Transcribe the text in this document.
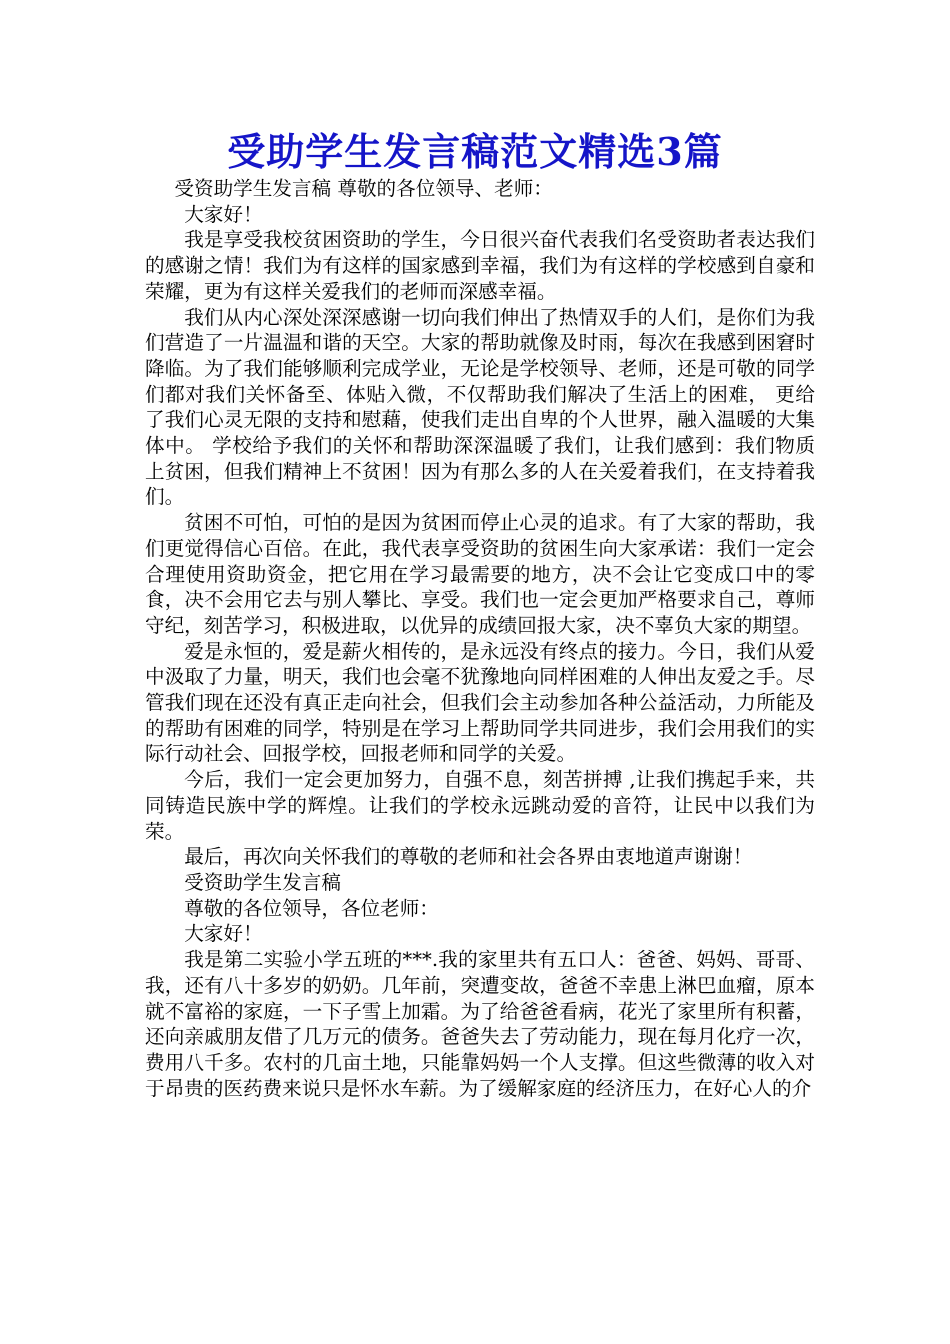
受助学生发言稿范文精选3篇

受资助学生发言稿 尊敬的各位领导、老师：

大家好！

我是享受我校贫困资助的学生，今日很兴奋代表我们名受资助者表达我们的感谢之情！我们为有这样的国家感到幸福，我们为有这样的学校感到自豪和荣耀，更为有这样关爱我们的老师而深感幸福。

我们从内心深处深深感谢一切向我们伸出了热情双手的人们，是你们为我们营造了一片温温和谐的天空。大家的帮助就像及时雨，每次在我感到困窘时降临。为了我们能够顺利完成学业，无论是学校领导、老师，还是可敬的同学们都对我们关怀备至、体贴入微，不仅帮助我们解决了生活上的困难， 更给了我们心灵无限的支持和慰藉，使我们走出自卑的个人世界，融入温暖的大集体中。 学校给予我们的关怀和帮助深深温暖了我们，让我们感到：我们物质上贫困，但我们精神上不贫困！因为有那么多的人在关爱着我们，在支持着我们。

贫困不可怕，可怕的是因为贫困而停止心灵的追求。有了大家的帮助，我们更觉得信心百倍。在此，我代表享受资助的贫困生向大家承诺：我们一定会合理使用资助资金，把它用在学习最需要的地方，决不会让它变成口中的零食，决不会用它去与别人攀比、享受。我们也一定会更加严格要求自己，尊师守纪，刻苦学习，积极进取，以优异的成绩回报大家，决不辜负大家的期望。

爱是永恒的，爱是薪火相传的，是永远没有终点的接力。今日，我们从爱中汲取了力量，明天，我们也会毫不犹豫地向同样困难的人伸出友爱之手。尽管我们现在还没有真正走向社会，但我们会主动参加各种公益活动，力所能及的帮助有困难的同学，特别是在学习上帮助同学共同进步，我们会用我们的实际行动社会、回报学校，回报老师和同学的关爱。

今后，我们一定会更加努力，自强不息，刻苦拼搏 ,让我们携起手来，共同铸造民族中学的辉煌。让我们的学校永远跳动爱的音符，让民中以我们为荣。

最后，再次向关怀我们的尊敬的老师和社会各界由衷地道声谢谢！

受资助学生发言稿

尊敬的各位领导，各位老师：

大家好！

我是第二实验小学五班的***.我的家里共有五口人：爸爸、妈妈、哥哥、我，还有八十多岁的奶奶。几年前，突遭变故，爸爸不幸患上淋巴血瘤，原本就不富裕的家庭，一下子雪上加霜。为了给爸爸看病，花光了家里所有积蓄，还向亲戚朋友借了几万元的债务。爸爸失去了劳动能力，现在每月化疗一次，费用八千多。农村的几亩土地，只能靠妈妈一个人支撑。但这些微薄的收入对于昂贵的医药费来说只是怀水车薪。为了缓解家庭的经济压力，在好心人的介
